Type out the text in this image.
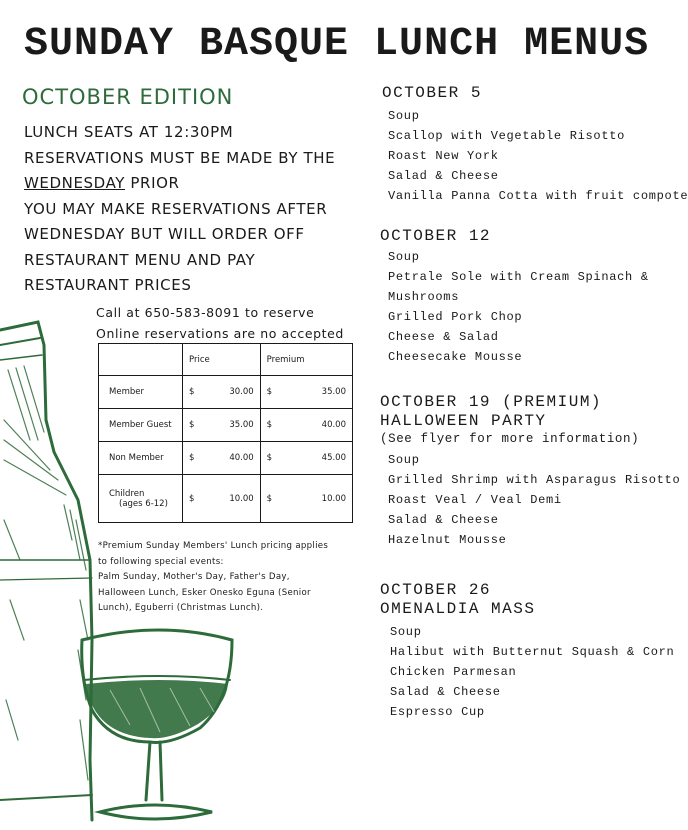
SUNDAY BASQUE LUNCH MENUS
OCTOBER EDITION
LUNCH SEATS AT 12:30PM
RESERVATIONS MUST BE MADE BY THE
WEDNESDAY PRIOR
YOU MAY MAKE RESERVATIONS AFTER
WEDNESDAY BUT WILL ORDER OFF
RESTAURANT MENU AND PAY
RESTAURANT PRICES
Call at 650-583-8091 to reserve
Online reservations are no accepted
	Price	Premium
Member	$ 30.00	$ 35.00

Member Guest	$ 35.00	$ 40.00

Non Member	$ 40.00	$ 45.00

Children
(ages 6-12)	$ 10.00	$ 10.00
*Premium Sunday Members' Lunch pricing applies
to following special events:
Palm Sunday, Mother's Day, Father's Day,
Halloween Lunch, Esker Onesko Eguna (Senior
Lunch), Eguberri (Christmas Lunch).
OCTOBER 5
Soup
Scallop with Vegetable Risotto
Roast New York
Salad & Cheese
Vanilla Panna Cotta with fruit compote
OCTOBER 12
Soup
Petrale Sole with Cream Spinach &
Mushrooms
Grilled Pork Chop
Cheese & Salad
Cheesecake Mousse
OCTOBER 19 (PREMIUM)
HALLOWEEN PARTY
(See flyer for more information)
Soup
Grilled Shrimp with Asparagus Risotto
Roast Veal / Veal Demi
Salad & Cheese
Hazelnut Mousse
OCTOBER 26
OMENALDIA MASS
Soup
Halibut with Butternut Squash & Corn
Chicken Parmesan
Salad & Cheese
Espresso Cup
